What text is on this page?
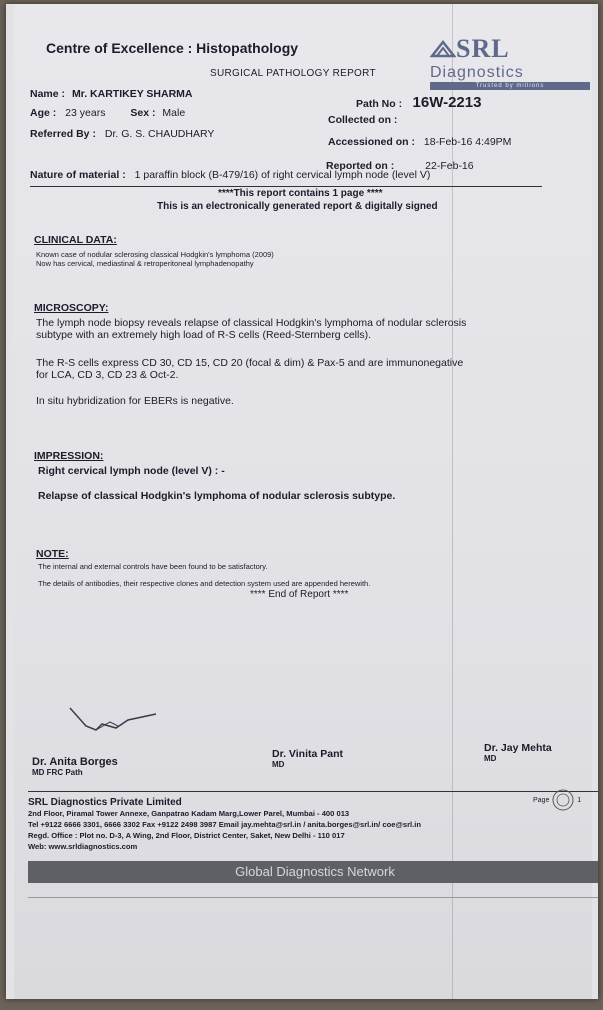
Centre of Excellence : Histopathology
SURGICAL PATHOLOGY REPORT
SRL
Diagnostics
Trusted by millions
Name : Mr. KARTIKEY SHARMA
Age : 23 years Sex : Male
Referred By : Dr. G. S. CHAUDHARY
Path No : 16W-2213
Collected on :
Accessioned on : 18-Feb-16 4:49PM
Reported on :	22-Feb-16
Nature of material : 1 paraffin block (B-479/16) of right cervical lymph node (level V)
****This report contains 1 page ****
This is an electronically generated report & digitally signed
CLINICAL DATA:
Known case of nodular sclerosing classical Hodgkin's lymphoma (2009)
Now has cervical, mediastinal & retroperitoneal lymphadenopathy
MICROSCOPY:
The lymph node biopsy reveals relapse of classical Hodgkin's lymphoma of nodular sclerosis subtype with an extremely high load of R-S cells (Reed-Sternberg cells).
The R-S cells express CD 30, CD 15, CD 20 (focal & dim) & Pax-5 and are immunonegative for LCA, CD 3, CD 23 & Oct-2.
In situ hybridization for EBERs is negative.
IMPRESSION:
Right cervical lymph node (level V) : -
Relapse of classical Hodgkin's lymphoma of nodular sclerosis subtype.
NOTE:
The internal and external controls have been found to be satisfactory.
The details of antibodies, their respective clones and detection system used are appended herewith.
**** End of Report ****
Dr. Anita Borges
MD FRC Path
Dr. Vinita Pant
MD
Dr. Jay Mehta
MD
SRL Diagnostics Private Limited
2nd Floor, Piramal Tower Annexe, Ganpatrao Kadam Marg,Lower Parel, Mumbai - 400 013
Tel +9122 6666 3301, 6666 3302 Fax +9122 2498 3987 Email jay.mehta@srl.in / anita.borges@srl.in/ coe@srl.in
Regd. Office : Plot no. D-3, A Wing, 2nd Floor, District Center, Saket, New Delhi - 110 017
Web: www.srldiagnostics.com
Page	1
Global Diagnostics Network
